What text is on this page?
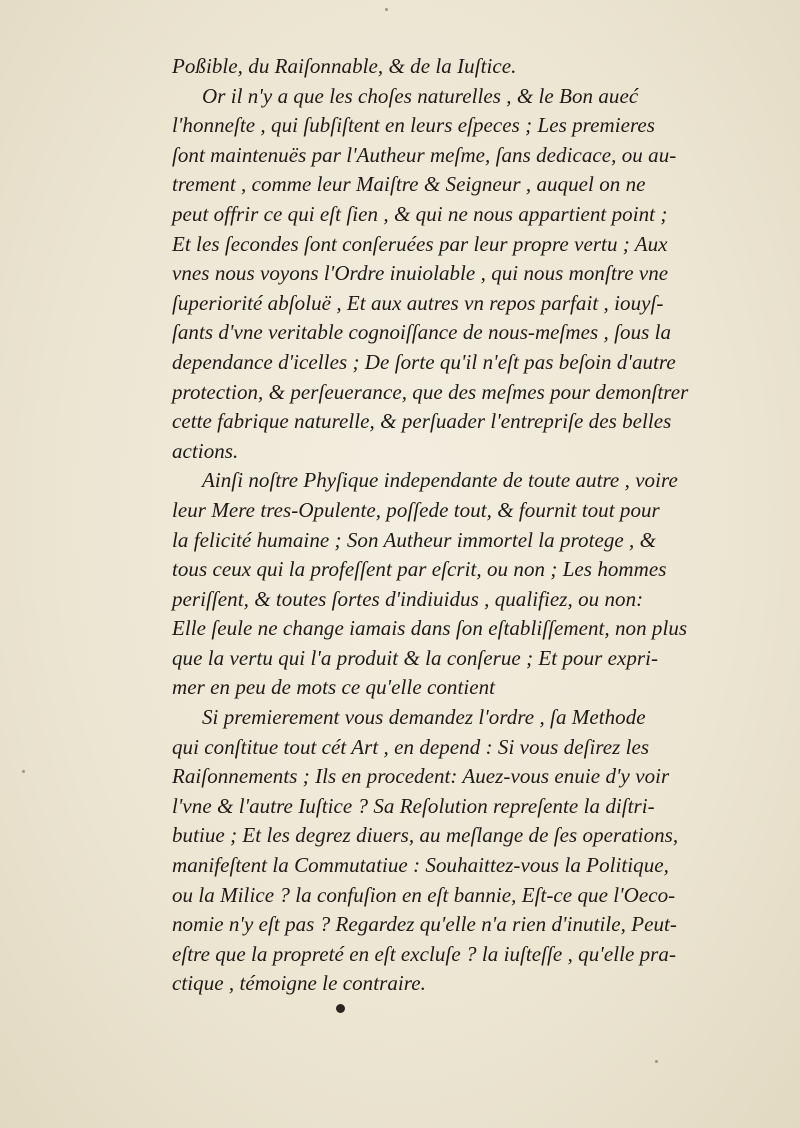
Poßible, du Raiſonnable, & de la Iuſtice.
Or il n'y a que les choſes naturelles , & le Bon aueć
l'honneſte , qui ſubſiſtent en leurs eſpeces ; Les premieres
ſont maintenuës par l'Autheur meſme, ſans dedicace, ou au-
trement , comme leur Maiſtre & Seigneur , auquel on ne
peut offrir ce qui eſt ſien , & qui ne nous appartient point ;
Et les ſecondes ſont conſeruées par leur propre vertu ; Aux
vnes nous voyons l'Ordre inuiolable , qui nous monſtre vne
ſuperiorité abſoluë , Et aux autres vn repos parfait , iouyſ-
ſants d'vne veritable cognoiſſance de nous-meſmes , ſous la
dependance d'icelles ; De ſorte qu'il n'eſt pas beſoin d'autre
protection, & perſeuerance, que des meſmes pour demonſtrer
cette fabrique naturelle, & perſuader l'entrepriſe des belles
actions.
Ainſi noſtre Phyſique independante de toute autre , voire
leur Mere tres-Opulente, poſſede tout, & fournit tout pour
la felicité humaine ; Son Autheur immortel la protege , &
tous ceux qui la profeſſent par eſcrit, ou non ; Les hommes
periſſent, & toutes ſortes d'indiuidus , qualifiez, ou non:
Elle ſeule ne change iamais dans ſon eſtabliſſement, non plus
que la vertu qui l'a produit & la conſerue ; Et pour expri-
mer en peu de mots ce qu'elle contient
Si premierement vous demandez l'ordre , ſa Methode
qui conſtitue tout cét Art , en depend : Si vous deſirez les
Raiſonnements ; Ils en procedent: Auez-vous enuie d'y voir
l'vne & l'autre Iuſtice ? Sa Reſolution repreſente la diſtri-
butiue ; Et les degrez diuers, au meſlange de ſes operations,
manifeſtent la Commutatiue : Souhaittez-vous la Politique,
ou la Milice ? la confuſion en eſt bannie, Eſt-ce que l'Oeco-
nomie n'y eſt pas ? Regardez qu'elle n'a rien d'inutile, Peut-
eſtre que la propreté en eſt excluſe ? la iuſteſſe , qu'elle pra-
ctique , témoigne le contraire.
